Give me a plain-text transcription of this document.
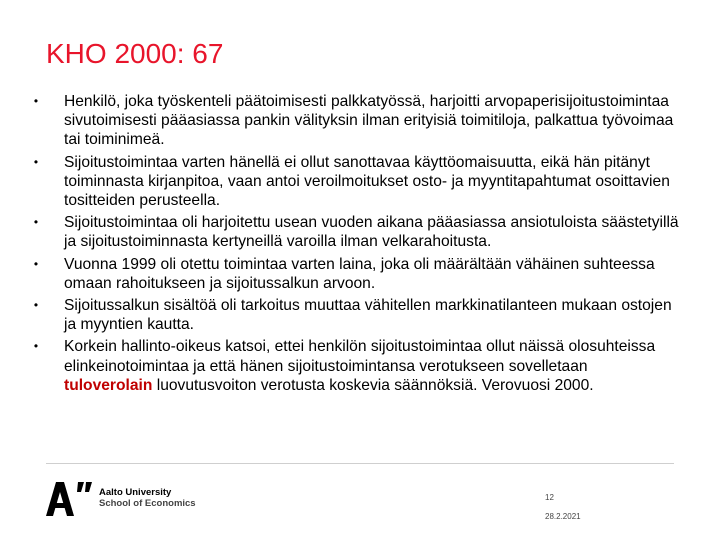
KHO 2000: 67
• Henkilö, joka työskenteli päätoimisesti palkkatyössä, harjoitti arvopaperisijoitustoimintaa sivutoimisesti pääasiassa pankin välityksin ilman erityisiä toimitiloja, palkattua työvoimaa tai toiminimeä.
• Sijoitustoimintaa varten hänellä ei ollut sanottavaa käyttöomaisuutta, eikä hän pitänyt toiminnasta kirjanpitoa, vaan antoi veroilmoitukset osto- ja myyntitapahtumat osoittavien tositteiden perusteella.
• Sijoitustoimintaa oli harjoitettu usean vuoden aikana pääasiassa ansiotuloista säästetyillä ja sijoitustoiminnasta kertyneillä varoilla ilman velkarahoitusta.
• Vuonna 1999 oli otettu toimintaa varten laina, joka oli määrältään vähäinen suhteessa omaan rahoitukseen ja sijoitussalkun arvoon.
• Sijoitussalkun sisältöä oli tarkoitus muuttaa vähitellen markkinatilanteen mukaan ostojen ja myyntien kautta.
• Korkein hallinto-oikeus katsoi, ettei henkilön sijoitustoimintaa ollut näissä olosuhteissa elinkeinotoimintaa ja että hänen sijoitustoimintansa verotukseen sovelletaan tuloverolain luovutusvoiton verotusta koskevia säännöksiä. Verovuosi 2000.
Aalto University
School of Economics
12
28.2.2021
